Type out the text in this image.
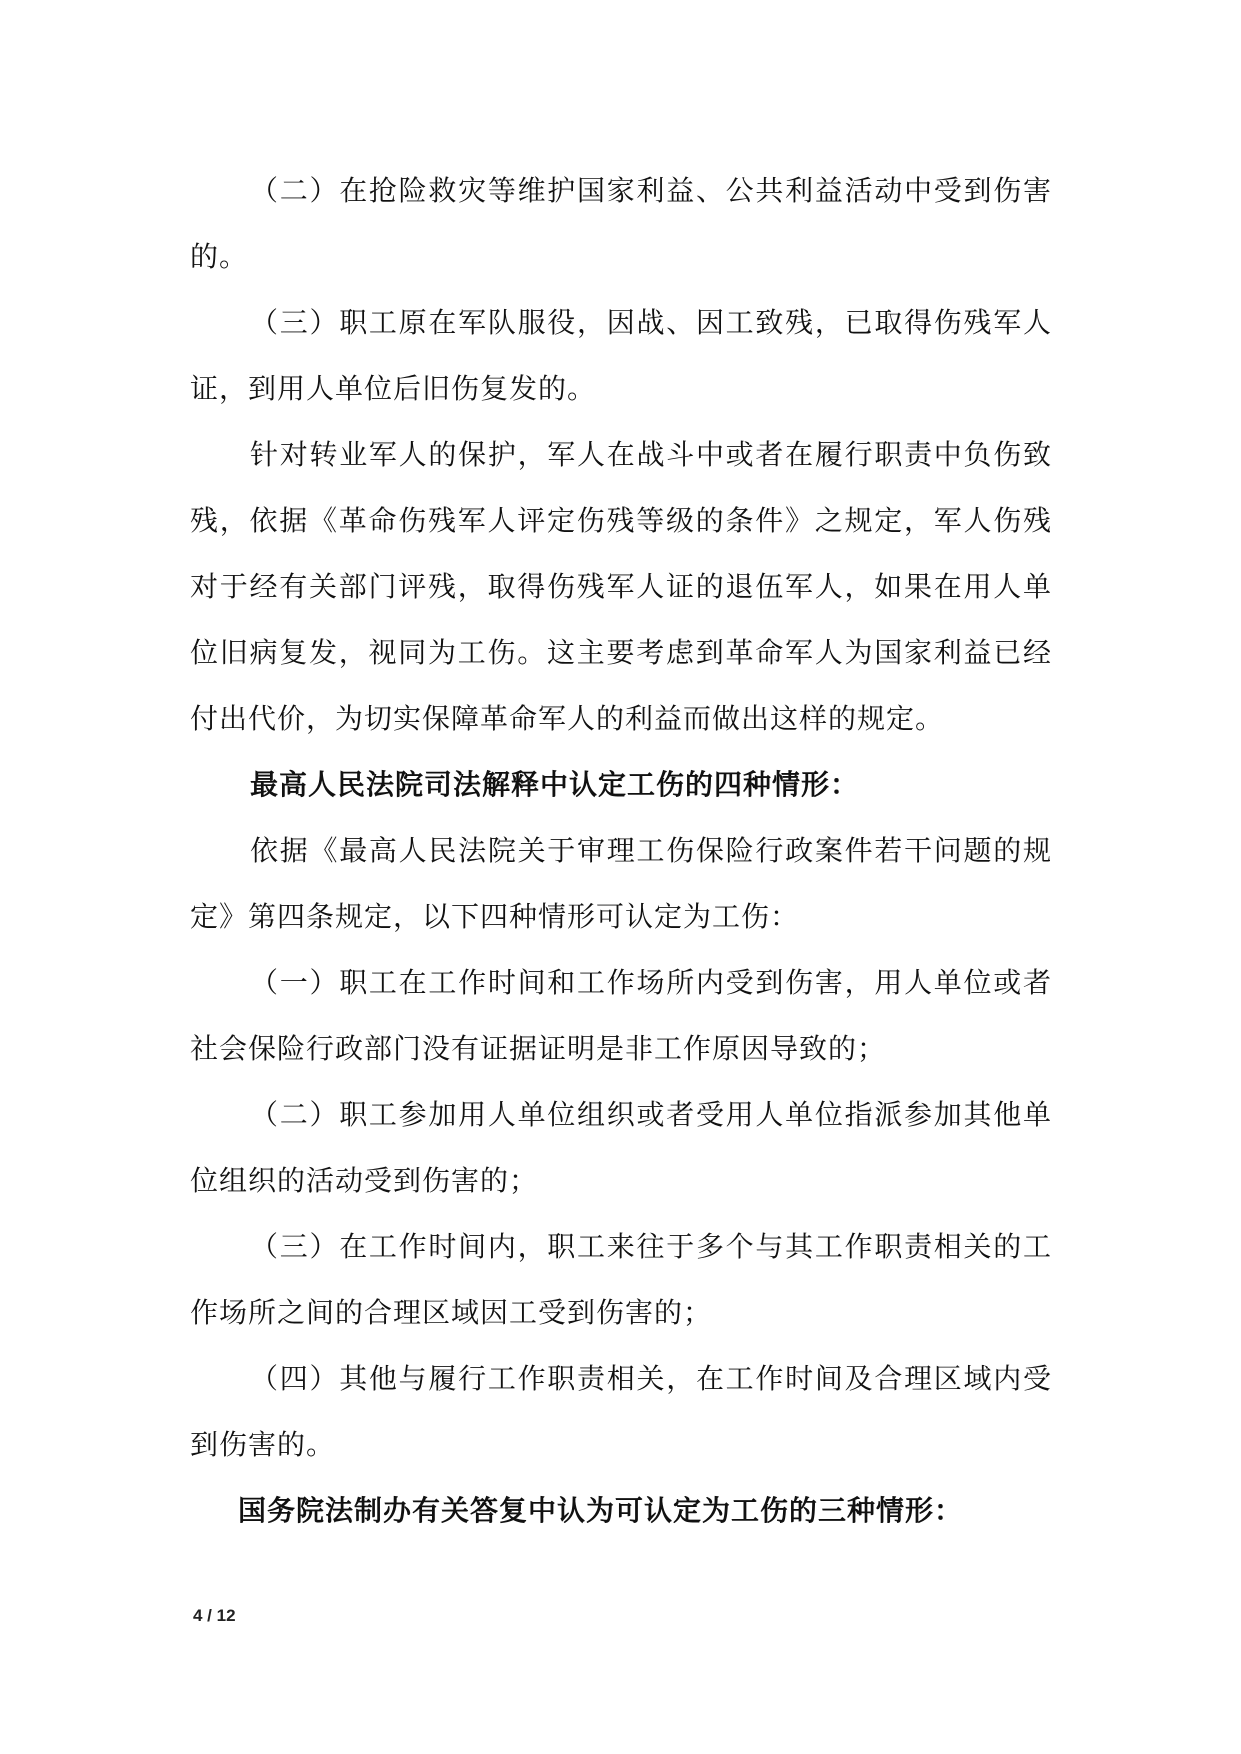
（二）在抢险救灾等维护国家利益、公共利益活动中受到伤害的。

（三）职工原在军队服役，因战、因工致残，已取得伤残军人证，到用人单位后旧伤复发的。

针对转业军人的保护，军人在战斗中或者在履行职责中负伤致残，依据《革命伤残军人评定伤残等级的条件》之规定，军人伤残对于经有关部门评残，取得伤残军人证的退伍军人，如果在用人单位旧病复发，视同为工伤。这主要考虑到革命军人为国家利益已经付出代价，为切实保障革命军人的利益而做出这样的规定。

最高人民法院司法解释中认定工伤的四种情形：

依据《最高人民法院关于审理工伤保险行政案件若干问题的规定》第四条规定，以下四种情形可认定为工伤：

（一）职工在工作时间和工作场所内受到伤害，用人单位或者社会保险行政部门没有证据证明是非工作原因导致的；

（二）职工参加用人单位组织或者受用人单位指派参加其他单位组织的活动受到伤害的；

（三）在工作时间内，职工来往于多个与其工作职责相关的工作场所之间的合理区域因工受到伤害的；

（四）其他与履行工作职责相关，在工作时间及合理区域内受到伤害的。

国务院法制办有关答复中认为可认定为工伤的三种情形：

4 / 12
